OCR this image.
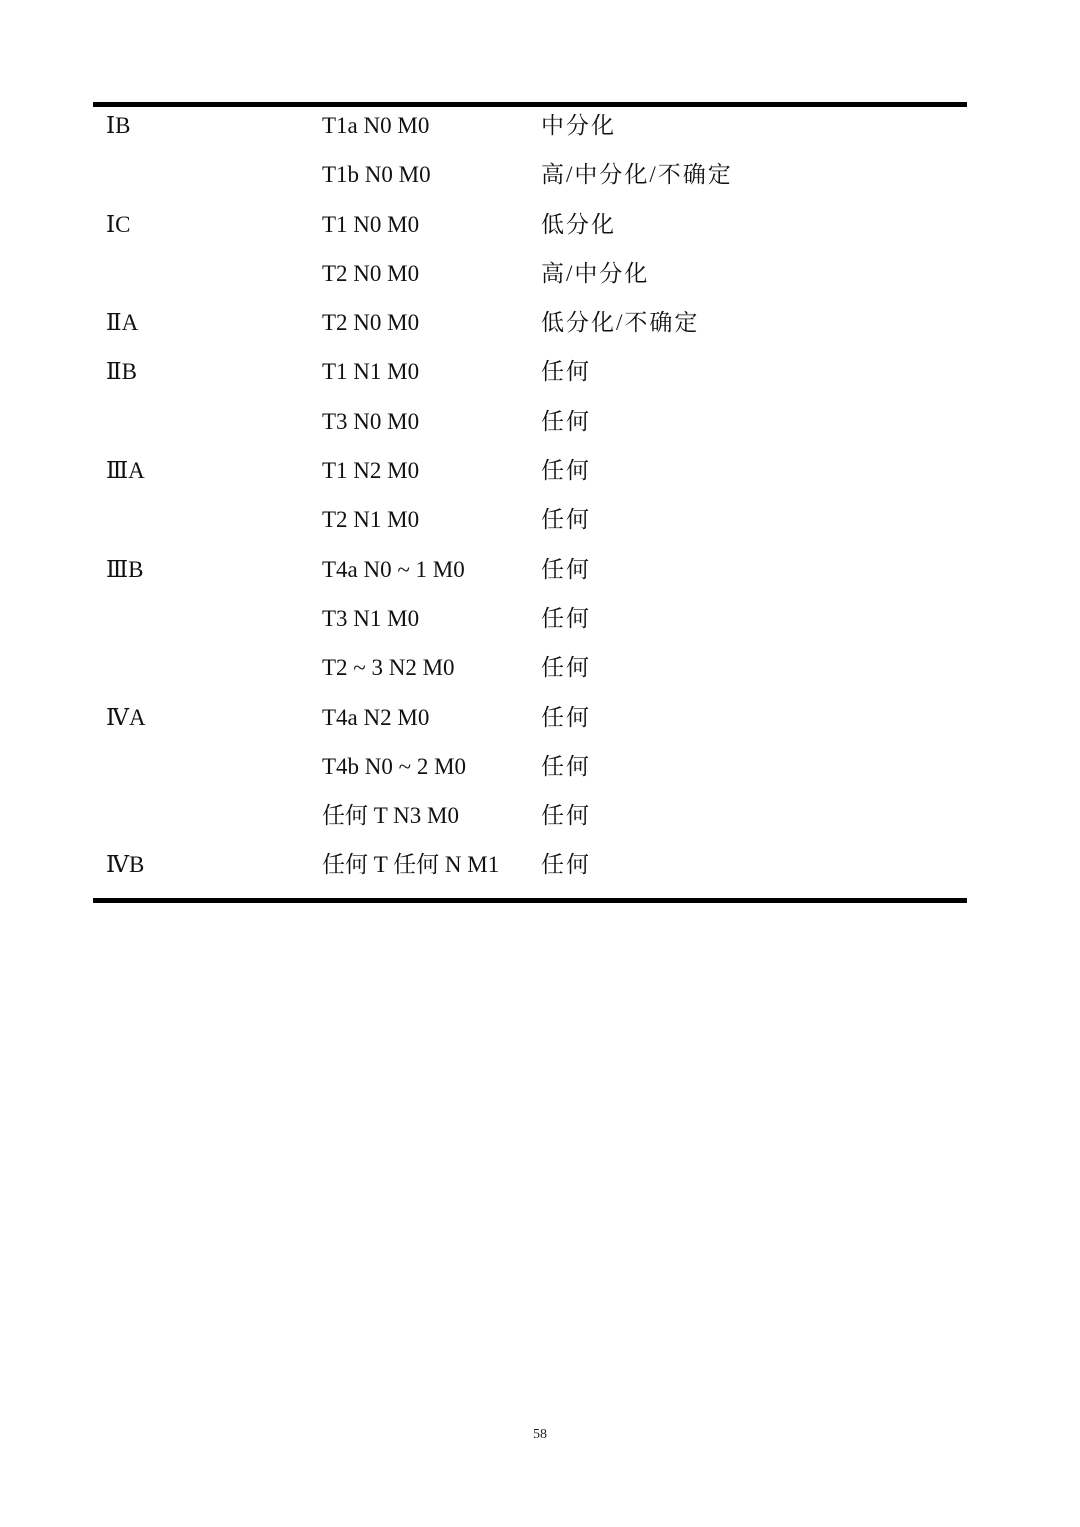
ⅠB	T1a N0 M0	中分化
T1b N0 M0	高/中分化/不确定
ⅠC	T1 N0 M0	低分化
T2 N0 M0	高/中分化
ⅡA	T2 N0 M0	低分化/不确定
ⅡB	T1 N1 M0	任何
T3 N0 M0	任何
ⅢA	T1 N2 M0	任何
T2 N1 M0	任何
ⅢB	T4a N0 ~ 1 M0	任何
T3 N1 M0	任何
T2 ~ 3 N2 M0	任何
ⅣA	T4a N2 M0	任何
T4b N0 ~ 2 M0	任何
任何 T N3 M0	任何
ⅣB	任何 T 任何 N M1	任何
58
